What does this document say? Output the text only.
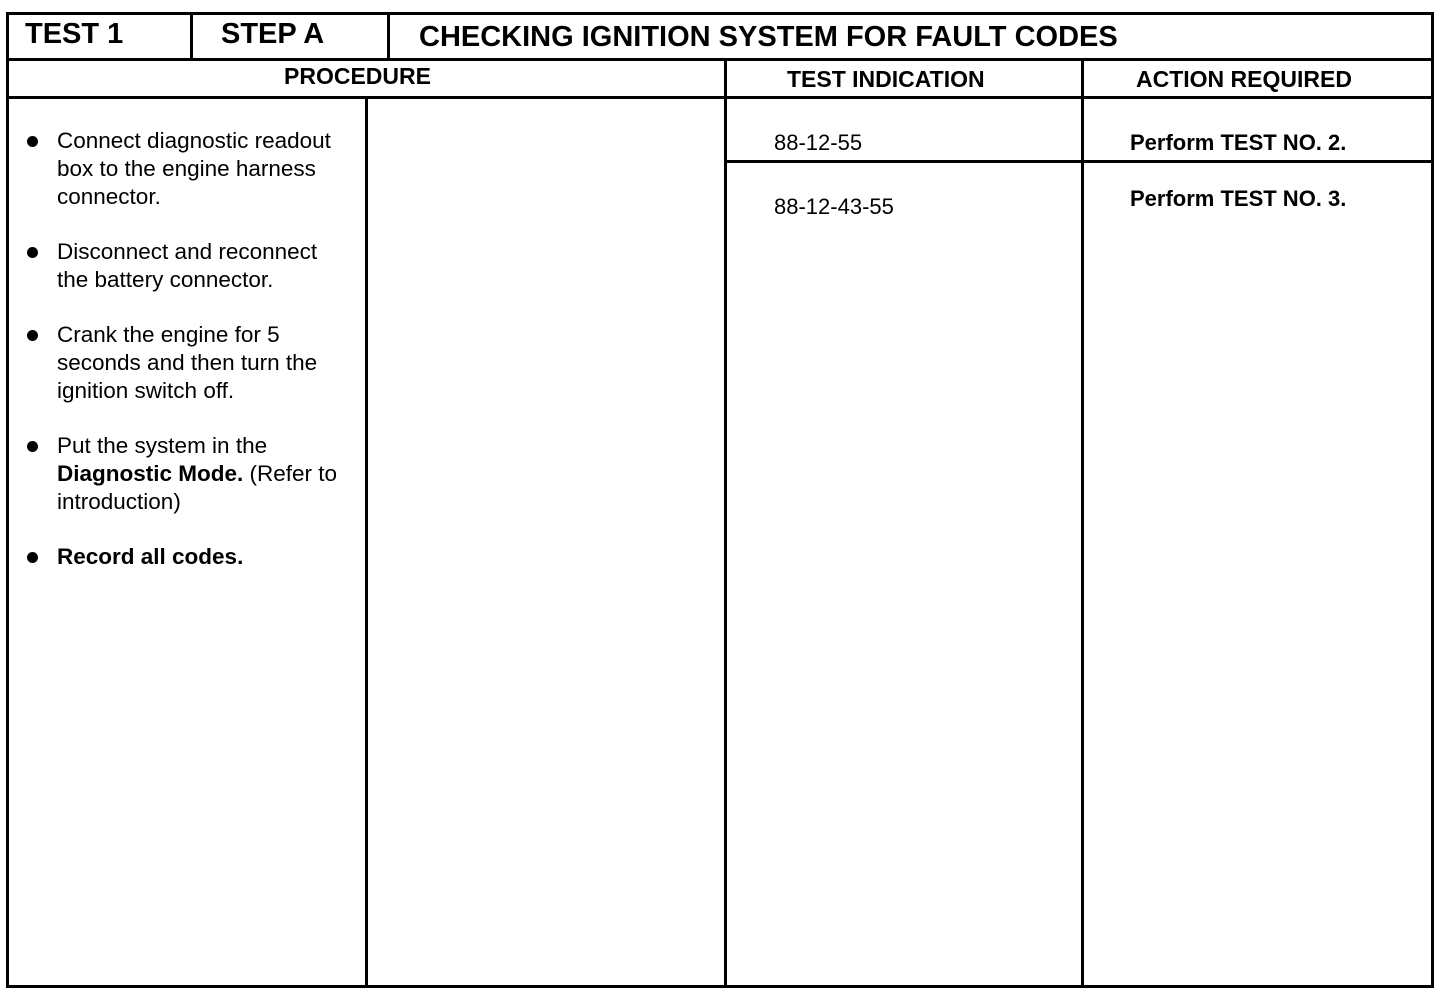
TEST 1	STEP A	CHECKING IGNITION SYSTEM FOR FAULT CODES
PROCEDURE	TEST INDICATION	ACTION REQUIRED
Connect diagnostic readout box to the engine harness connector.
Disconnect and reconnect the battery connector.
Crank the engine for 5 seconds and then turn the ignition switch off.
Put the system in the Diagnostic Mode. (Refer to introduction)
Record all codes.
88-12-55	Perform TEST NO. 2.
88-12-43-55	Perform TEST NO. 3.
